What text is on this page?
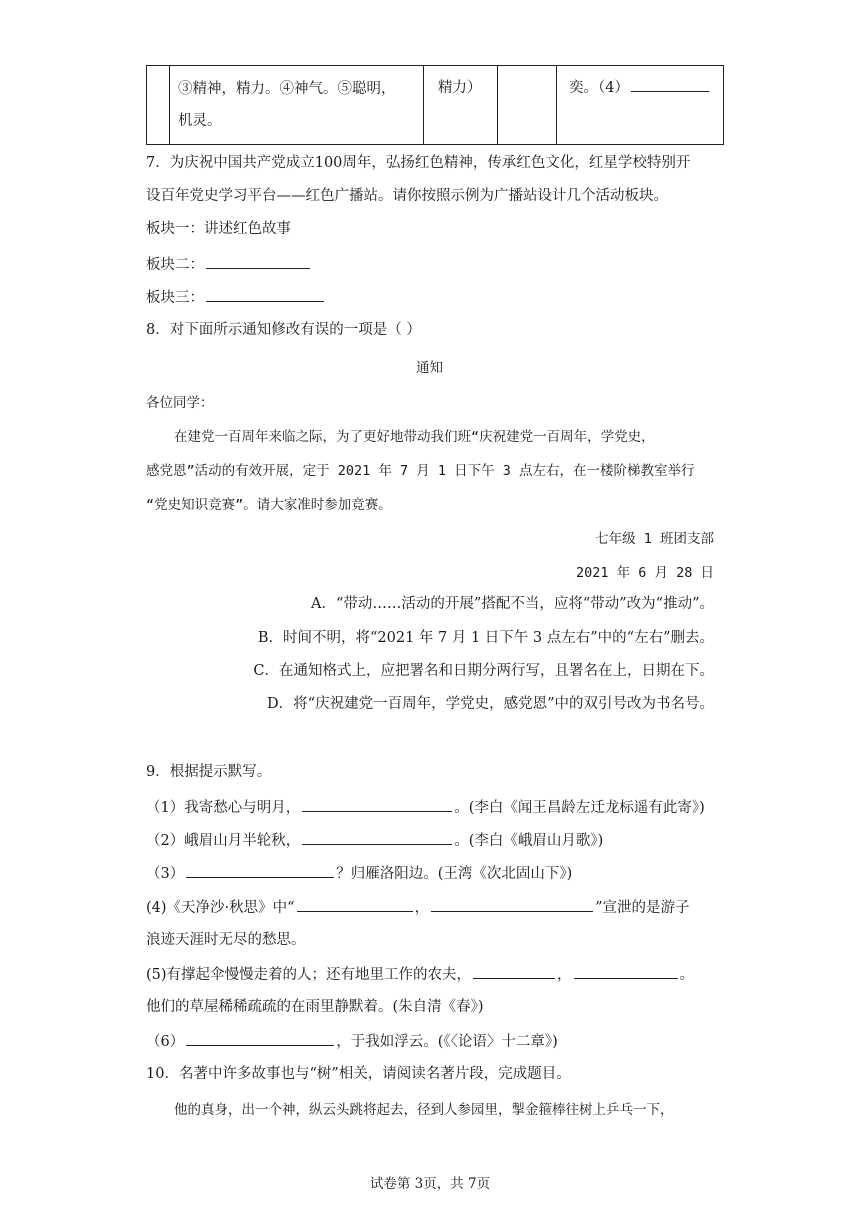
③精神，精力。④神气。⑤聪明，
机灵。

精力）		奕。（4）
7．为庆祝中国共产党成立100周年，弘扬红色精神，传承红色文化，红星学校特别开
设百年党史学习平台——红色广播站。请你按照示例为广播站设计几个活动板块。
板块一：讲述红色故事
板块二：
板块三：
8．对下面所示通知修改有误的一项是（ ）
通知
各位同学：
在建党一百周年来临之际，为了更好地带动我们班“庆祝建党一百周年，学党史，
感党恩”活动的有效开展，定于 2021 年 7 月 1 日下午 3 点左右，在一楼阶梯教室举行
“党史知识竞赛”。请大家准时参加竞赛。
七年级 1 班团支部
2021 年 6 月 28 日
A．“带动……活动的开展”搭配不当，应将“带动”改为“推动”。
B．时间不明，将“2021 年 7 月 1 日下午 3 点左右”中的“左右”删去。
C．在通知格式上，应把署名和日期分两行写，且署名在上，日期在下。
D．将“庆祝建党一百周年，学党史，感党恩”中的双引号改为书名号。
9．根据提示默写。
（1）我寄愁心与明月，	。(李白《闻王昌龄左迁龙标遥有此寄》)
（2）峨眉山月半轮秋，	。(李白《峨眉山月歌》)
（3）	？归雁洛阳边。(王湾《次北固山下》)
(4)《天净沙·秋思》中“	，	”宣泄的是游子
浪迹天涯时无尽的愁思。
(5)有撑起伞慢慢走着的人；还有地里工作的农夫，	，	。
他们的草屋稀稀疏疏的在雨里静默着。(朱自清《春》)
（6）	，于我如浮云。(《〈论语〉十二章》)
10．名著中许多故事也与“树”相关，请阅读名著片段，完成题目。
他的真身，出一个神，纵云头跳将起去，径到人参园里，掣金箍棒往树上乒乓一下，
试卷第 3页，共 7页
